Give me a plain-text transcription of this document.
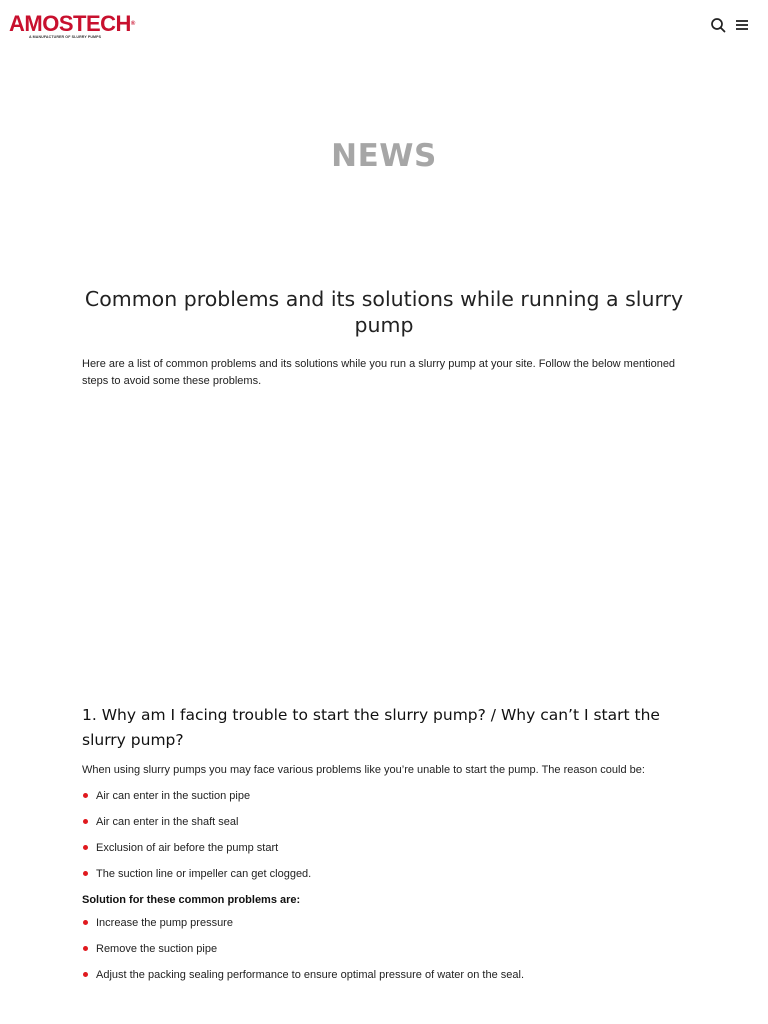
AMOSTECH®
A MANUFACTURER OF SLURRY PUMPS
NEWS
Common problems and its solutions while running a slurry pump

Here are a list of common problems and its solutions while you run a slurry pump at your site. Follow the below mentioned steps to avoid some these problems.

1. Why am I facing trouble to start the slurry pump? / Why can’t I start the slurry pump?

When using slurry pumps you may face various problems like you’re unable to start the pump. The reason could be:

Air can enter in the suction pipe
Air can enter in the shaft seal
Exclusion of air before the pump start
The suction line or impeller can get clogged.

Solution for these common problems are:

Increase the pump pressure
Remove the suction pipe
Adjust the packing sealing performance to ensure optimal pressure of water on the seal.
